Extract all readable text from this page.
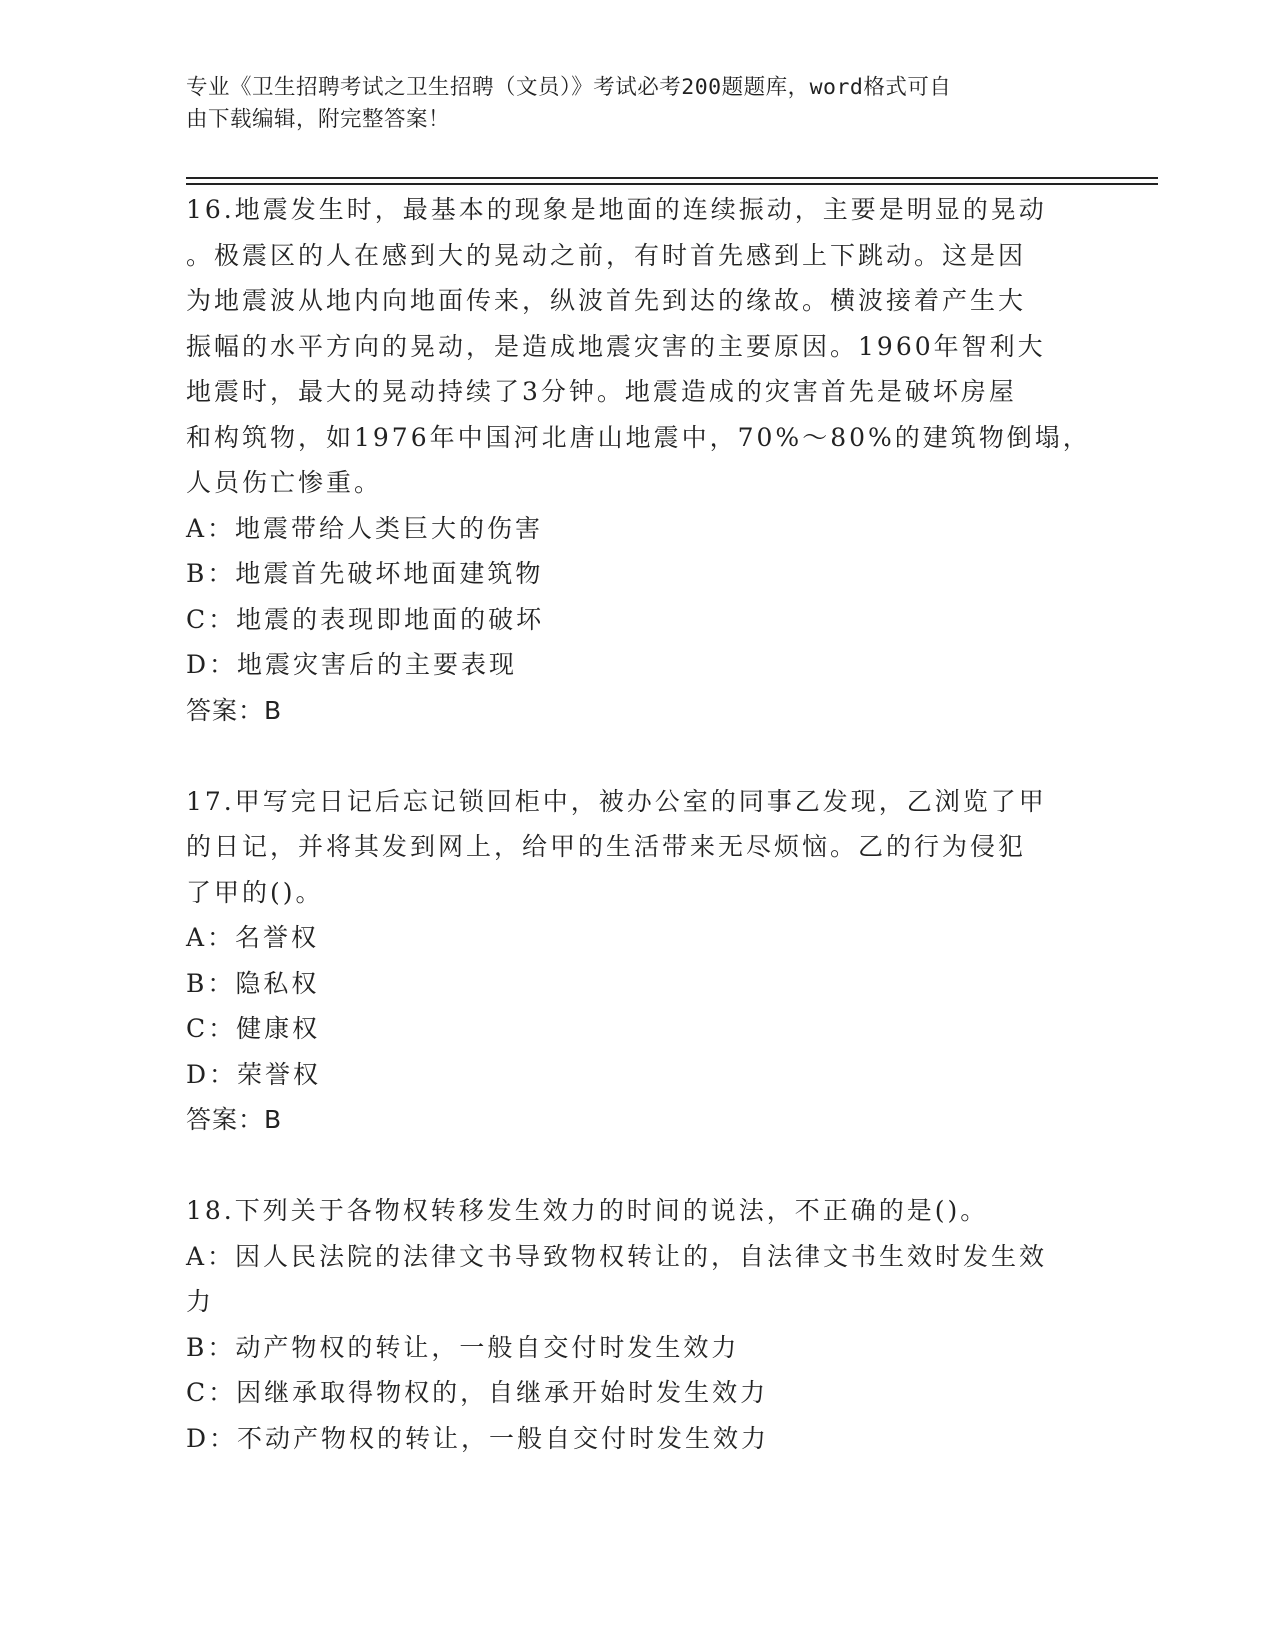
专业《卫生招聘考试之卫生招聘（文员）》考试必考200题题库，word格式可自
由下载编辑，附完整答案！
16.地震发生时，最基本的现象是地面的连续振动，主要是明显的晃动
。极震区的人在感到大的晃动之前，有时首先感到上下跳动。这是因
为地震波从地内向地面传来，纵波首先到达的缘故。横波接着产生大
振幅的水平方向的晃动，是造成地震灾害的主要原因。1960年智利大
地震时，最大的晃动持续了3分钟。地震造成的灾害首先是破坏房屋
和构筑物，如1976年中国河北唐山地震中，70%～80%的建筑物倒塌，
人员伤亡惨重。
A：地震带给人类巨大的伤害
B：地震首先破坏地面建筑物
C：地震的表现即地面的破坏
D：地震灾害后的主要表现
答案：B
17.甲写完日记后忘记锁回柜中，被办公室的同事乙发现，乙浏览了甲
的日记，并将其发到网上，给甲的生活带来无尽烦恼。乙的行为侵犯
了甲的()。
A：名誉权
B：隐私权
C：健康权
D：荣誉权
答案：B
18.下列关于各物权转移发生效力的时间的说法，不正确的是()。
A：因人民法院的法律文书导致物权转让的，自法律文书生效时发生效
力
B：动产物权的转让，一般自交付时发生效力
C：因继承取得物权的，自继承开始时发生效力
D：不动产物权的转让，一般自交付时发生效力
